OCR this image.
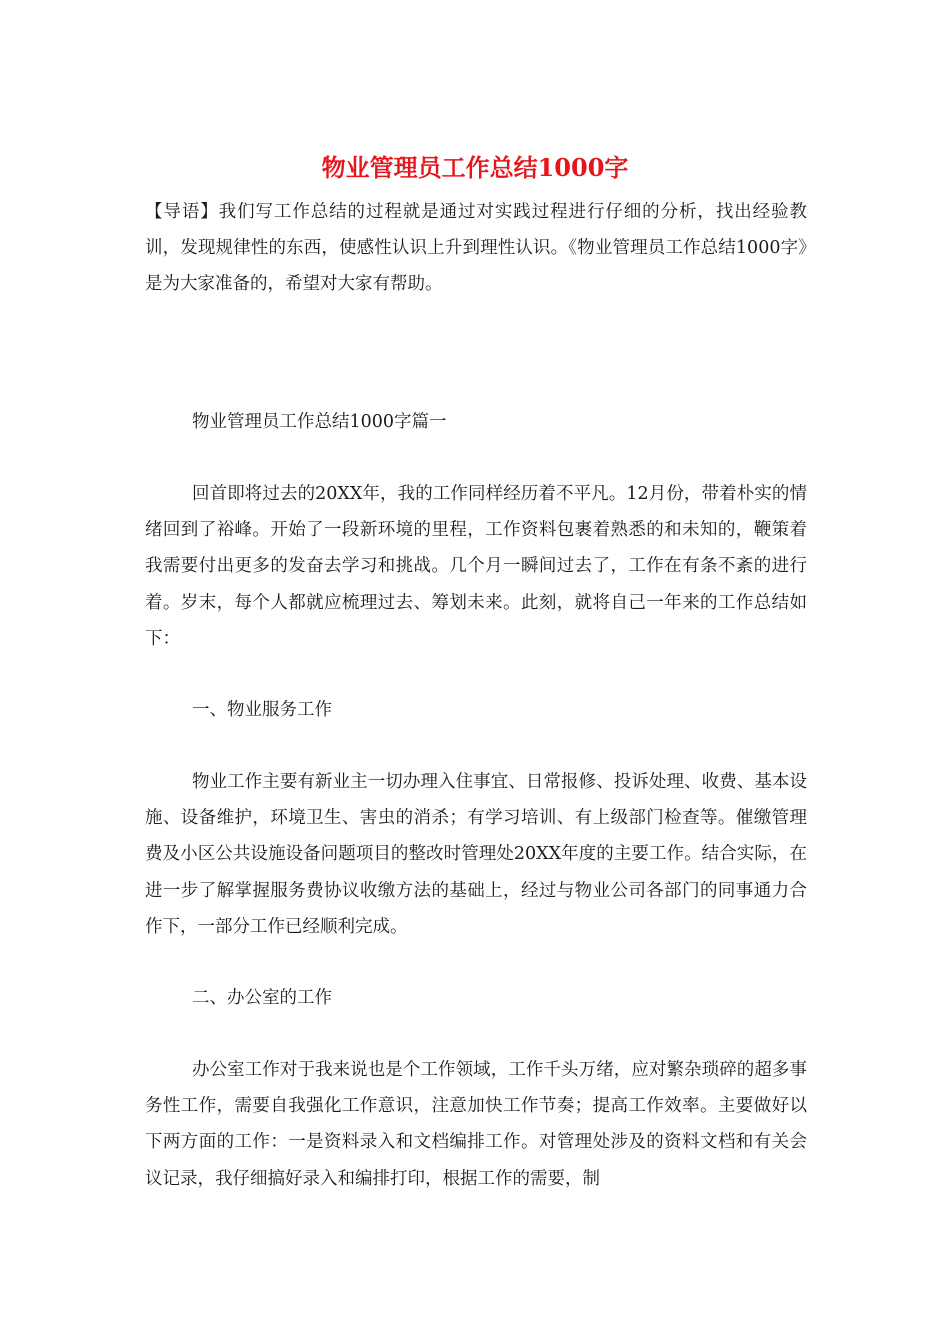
物业管理员工作总结1000字

【导语】我们写工作总结的过程就是通过对实践过程进行仔细的分析，找出经验教训，发现规律性的东西，使感性认识上升到理性认识。《物业管理员工作总结1000字》是为大家准备的，希望对大家有帮助。

物业管理员工作总结1000字篇一

回首即将过去的20XX年，我的工作同样经历着不平凡。12月份，带着朴实的情绪回到了裕峰。开始了一段新环境的里程，工作资料包裹着熟悉的和未知的，鞭策着我需要付出更多的发奋去学习和挑战。几个月一瞬间过去了，工作在有条不紊的进行着。岁末，每个人都就应梳理过去、筹划未来。此刻，就将自己一年来的工作总结如下：

一、物业服务工作

物业工作主要有新业主一切办理入住事宜、日常报修、投诉处理、收费、基本设施、设备维护，环境卫生、害虫的消杀；有学习培训、有上级部门检查等。催缴管理费及小区公共设施设备问题项目的整改时管理处20XX年度的主要工作。结合实际，在进一步了解掌握服务费协议收缴方法的基础上，经过与物业公司各部门的同事通力合作下，一部分工作已经顺利完成。

二、办公室的工作

办公室工作对于我来说也是个工作领域，工作千头万绪，应对繁杂琐碎的超多事务性工作，需要自我强化工作意识，注意加快工作节奏；提高工作效率。主要做好以下两方面的工作：一是资料录入和文档编排工作。对管理处涉及的资料文档和有关会议记录，我仔细搞好录入和编排打印，根据工作的需要，制
